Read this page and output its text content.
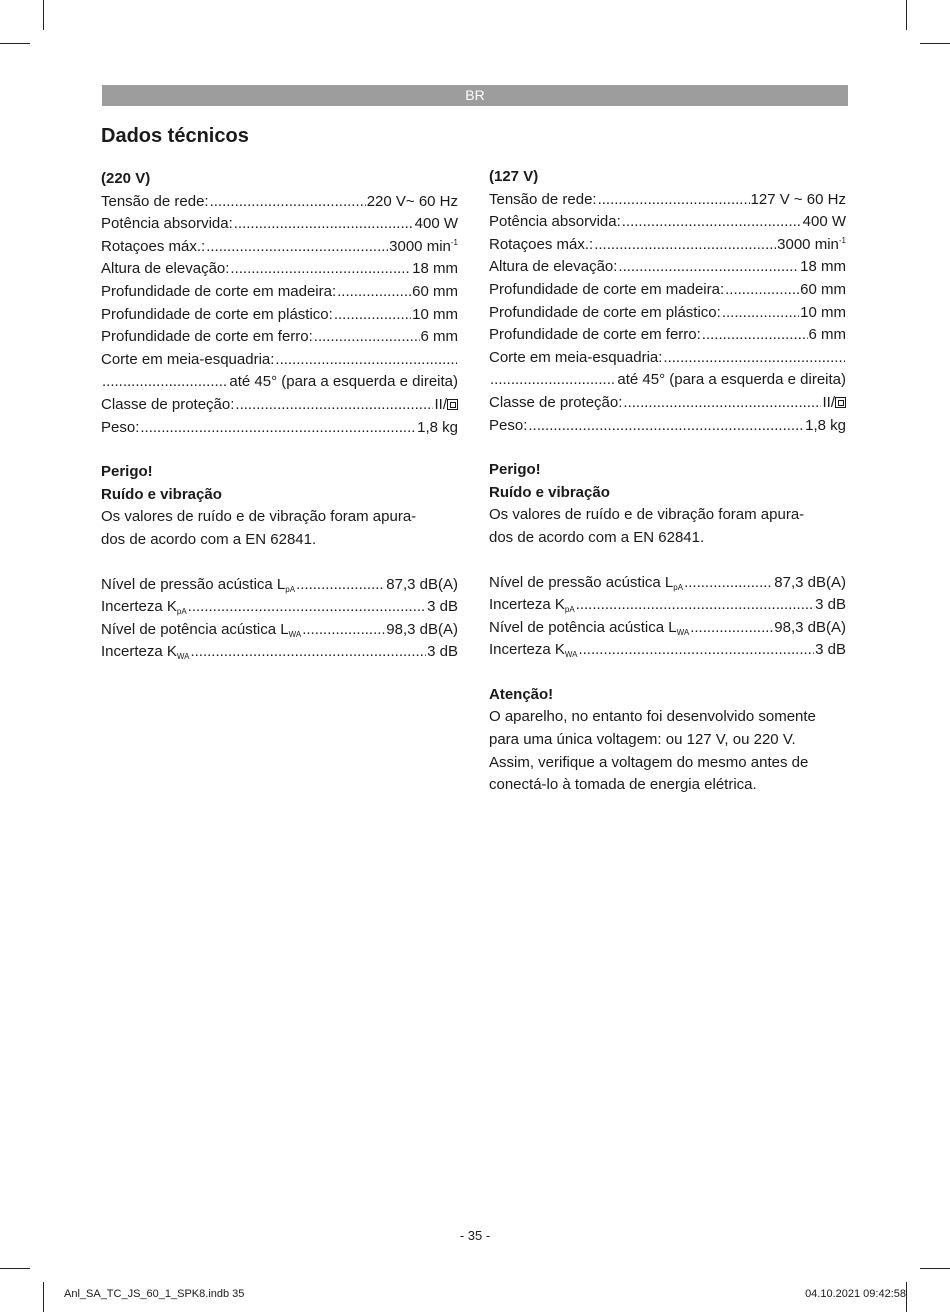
BR
Dados técnicos
(220 V)
Tensão de rede: .....	220 V~ 60 Hz
Potência absorvida: .....	400 W
Rotaçoes máx.: .....	3000 $\min^{-1}$
Altura de elevação: .....	18 mm
Profundidade de corte em madeira: .....	60 mm
Profundidade de corte em plástico: .....	10 mm
Profundidade de corte em ferro: .....	6 mm
Corte em meia-esquadria:
.....
.....
até 45° (para a esquerda e direita)
Classe de proteção: .....	II/
Peso: .....	1,8 kg
Perigo!
Ruído e vibração
Os valores de ruído e de vibração foram apura-
dos de acordo com a EN 62841.
Nível de pressão acústica $L_{pA}$ .....	87,3 dB(A)
Incerteza $K_{pA}$ .....	3 dB
Nível de potência acústica $L_{WA}$ .....	98,3 dB(A)
Incerteza $K_{WA}$ .....	3 dB
(127 V)
Tensão de rede: .....	127 V ~ 60 Hz
Potência absorvida: .....	400 W
Rotaçoes máx.: .....	3000 $\min^{-1}$
Altura de elevação: .....	18 mm
Profundidade de corte em madeira: .....	60 mm
Profundidade de corte em plástico: .....	10 mm
Profundidade de corte em ferro: .....	6 mm
Corte em meia-esquadria:
.....
.....
até 45° (para a esquerda e direita)
Classe de proteção: .....	II/
Peso: .....	1,8 kg
Perigo!
Ruído e vibração
Os valores de ruído e de vibração foram apura-
dos de acordo com a EN 62841.
Nível de pressão acústica $L_{pA}$ .....	87,3 dB(A)
Incerteza $K_{pA}$ .....	3 dB
Nível de potência acústica $L_{WA}$ .....	98,3 dB(A)
Incerteza $K_{WA}$ .....	3 dB
Atenção!
O aparelho, no entanto foi desenvolvido somente
para uma única voltagem: ou 127 V, ou 220 V.
Assim, verifique a voltagem do mesmo antes de
conectá-lo à tomada de energia elétrica.
- 35 -
Anl_SA_TC_JS_60_1_SPK8.indb 35	04.10.2021 09:42:58
